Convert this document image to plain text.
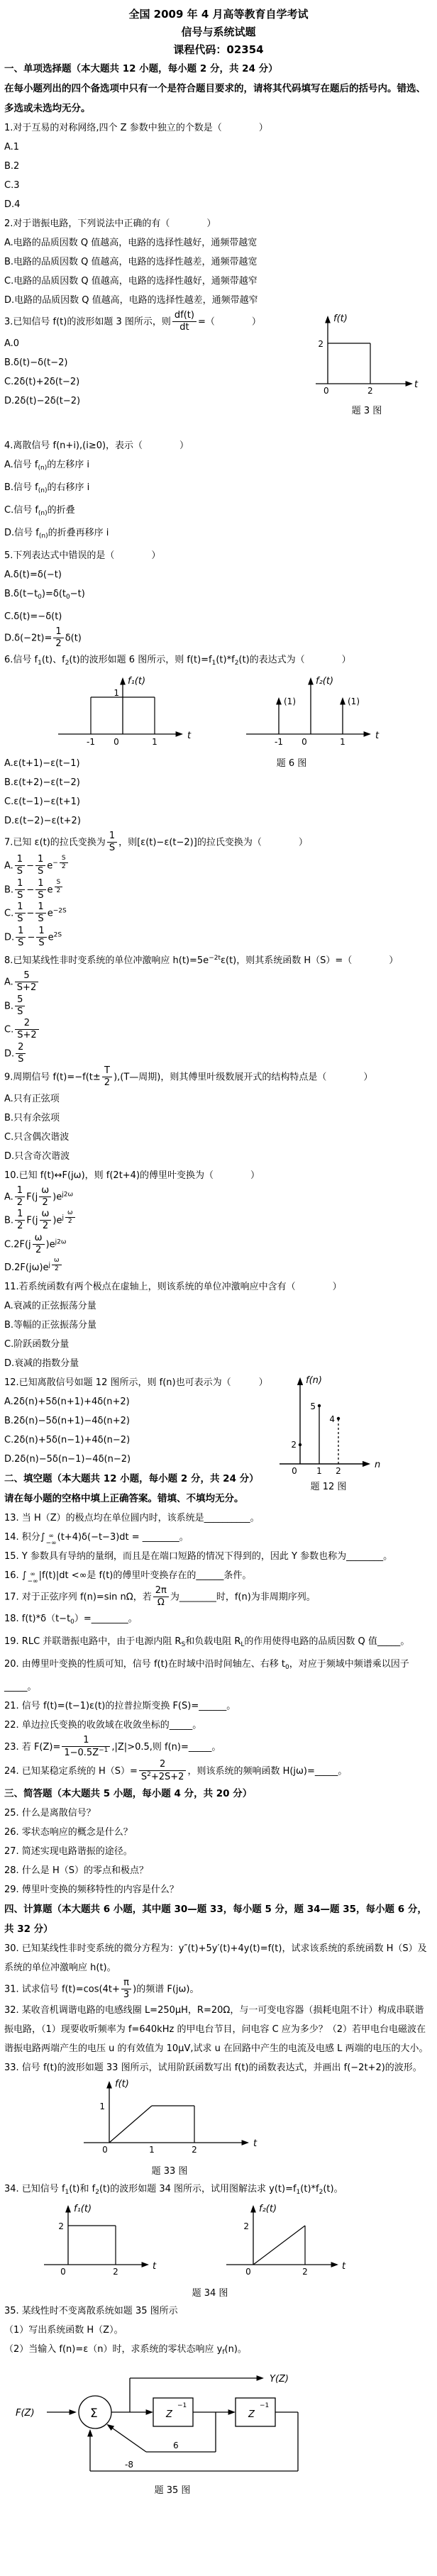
全国 2009 年 4 月高等教育自学考试
信号与系统试题
课程代码：02354
一、单项选择题（本大题共 12 小题，每小题 2 分，共 24 分）
在每小题列出的四个备选项中只有一个是符合题目要求的，请将其代码填写在题后的括号内。错选、多选或未选均无分。
1.对于互易的对称网络,四个 Z 参数中独立的个数是（　　　　）
A.1
B.2
C.3
D.4
2.对于谐振电路，下列说法中正确的有（　　　　）
A.电路的品质因数 Q 值越高，电路的选择性越好，通频带越宽
B.电路的品质因数 Q 值越高，电路的选择性越差，通频带越宽
C.电路的品质因数 Q 值越高，电路的选择性越好，通频带越窄
D.电路的品质因数 Q 值越高，电路的选择性越差，通频带越窄
3.已知信号 f(t)的波形如题 3 图所示，则 $\frac{df(t)}{dt}$ =（　　　　）
A.0
B.δ(t)−δ(t−2)
C.2δ(t)+2δ(t−2)
D.2δ(t)−2δ(t−2)
f(t)
2
0	2
t
题 3 图
4.离散信号 f(n+i),(i≥0)，表示（　　　　）
A.信号 $f_{(n)}$的左移序 i
B.信号 $f_{(n)}$的右移序 i
C.信号 $f_{(n)}$的折叠
D.信号 $f_{(n)}$的折叠再移序 i
5.下列表达式中错误的是（　　　　）
A.δ(t)=δ(−t)
$B.\delta(t-t_0)=\delta(t_0-t)$
C.δ(t)=−δ(t)
$D.\delta(-2t)= \frac{1}{2} \delta(t)$
6.信号 $f_1(t)$、$f_2(t)$的波形如题 6 图所示，则 $f(t)=f_1(t)*f_2(t)$的表达式为（　　　　）
f₁(t)
1
-1 0	1
t
f₂(t)
(1)	(1)
-1 0	1
t
A.ε(t+1)−ε(t−1)	题 6 图
B.ε(t+2)−ε(t−2)
C.ε(t−1)−ε(t+1)
D.ε(t−2)−ε(t+2)
7.已知 ε(t)的拉氏变换为 $\frac{1}{S}$ ，则[ε(t)−ε(t−2)]的拉氏变换为（　　　　）
A. $\frac{1}{S} - \frac{1}{S} e^{- \frac{S}{2}}$
B. $\frac{1}{S} - \frac{1}{S}$ e $^{\frac{S}{2}}$
C. $\frac{1}{S} - \frac{1}{S} e^{-2S}$
D. $\frac{1}{S} - \frac{1}{S} e^{2S}$
8.已知某线性非时变系统的单位冲激响应 $h(t)=5e^{-2t}\varepsilon(t)$，则其系统函数 H（S）=（　　　　）
A. $\frac{5}{S+2}$
B. $\frac{5}{S}$
C. $\frac{2}{S+2}$
D. $\frac{2}{S}$
9.周期信号 $f(t)=-f(t\pm \frac{T}{2}$ ),(T—周期)，则其傅里叶级数展开式的结构特点是（　　　　）
A.只有正弦项
B.只有余弦项
C.只含偶次谐波
D.只含奇次谐波
10.已知 f(t)↔F(jω)，则 f(2t+4)的傅里叶变换为（　　　　）
A. $\frac{1}{2} F(j \frac{\omega}{2} )e^{j2\omega}$
B. $\frac{1}{2} F(j \frac{\omega}{2} )e^{j \frac{\omega}{2}}$
$C.2F(j \frac{\omega}{2} )e^{j2\omega}$
$D.2F(j\omega)e^{j \frac{\omega}{2}}$
11.若系统函数有两个极点在虚轴上，则该系统的单位冲激响应中含有（　　　　）
A.衰减的正弦振荡分量
B.等幅的正弦振荡分量
C.阶跃函数分量
D.衰减的指数分量
12.已知离散信号如题 12 图所示，则 f(n)也可表示为（　　　）
A.2δ(n)+5δ(n+1)+4δ(n+2)
B.2δ(n)−5δ(n+1)−4δ(n+2)
C.2δ(n)+5δ(n−1)+4δ(n−2)
D.2δ(n)−5δ(n−1)−4δ(n−2)
f(n)
2
5
4
0 1 2
n
题 12 图
二、填空题（本大题共 12 小题，每小题 2 分，共 24 分）
请在每小题的空格中填上正确答案。错填、不填均无分。
13. 当 H（Z）的极点均在单位圆内时，该系统是__________。
14. 积分∫ ∞
−∞
(t+4)δ(−t−3)dt = ________。
15. Y 参数具有导纳的量纲，而且是在端口短路的情况下得到的，因此 Y 参数也称为________。
16. ∫ ∞
−∞
|f(t)|dt <∞是 f(t)的傅里叶变换存在的______条件。
17. 对于正弦序列 f(n)=sin nΩ，若 $\frac{2\pi}{\Omega}$ 为________时，f(n)为非周期序列。
18. $f(t)*\delta(t-t_0)=\_\_\_\_\_\_\_\_$。
19. RLC 并联谐振电路中，由于电源内阻 $R_S$和负载电阻 $R_L$的作用使得电路的品质因数 Q 值_____。
20. 由傅里叶变换的性质可知，信号 f(t)在时域中沿时间轴左、右移 $t_0$，对应于频域中频谱乘以因子_____。
21. 信号 f(t)=(t−1)ε(t)的拉普拉斯变换 F(S)=______。
22. 单边拉氏变换的收敛域在收敛坐标的_____。
23. 若 $F(Z)= \frac{1}{1-0.5Z^{-1}} ,|Z|>0.5$,则 f(n)=_____。
24. 已知某稳定系统的 $H(S)= \frac{2}{S^2+2S+2}$ ，则该系统的频响函数 H(jω)=_____。
三、简答题（本大题共 5 小题，每小题 4 分，共 20 分）
25. 什么是离散信号？
26. 零状态响应的概念是什么？
27. 简述实现电路谐振的途径。
28. 什么是 H（S）的零点和极点？
29. 傅里叶变换的频移特性的内容是什么？
四、计算题（本大题共 6 小题，其中题 30—题 33，每小题 5 分，题 34—题 35，每小题 6 分，共 32 分）
30. 已知某线性非时变系统的微分方程为：y″(t)+5y′(t)+4y(t)=f(t)，试求该系统的系统函数 H（S）及系统的单位冲激响应 h(t)。
31. 试求信号 $f(t)=\cos(4t+ \frac{\pi}{3}$ )的频谱 F(jω)。
32. 某收音机调谐电路的电感线圈 L=250μH，R=20Ω，与一可变电容器（损耗电阻不计）构成串联谐振电路，（1）现要收听频率为 f=640kHz 的甲电台节目，问电容 C 应为多少？（2）若甲电台电磁波在谐振电路两端产生的电压 u 的有效值为 10μV,试求 u 在回路中产生的电流及电感 L 两端的电压的大小。
33. 信号 f(t)的波形如题 33 图所示，试用阶跃函数写出 f(t)的函数表达式，并画出 f(−2t+2)的波形。
f(t)
1
0	1	2
t
题 33 图
34. 已知信号 $f_1(t)$和 $f_2(t)$的波形如题 34 图所示，试用图解法求 $y(t)=f_1(t)*f_2(t)$。
f₁(t)
2
0	2	t
f₂(t)
2
0	2	t
题 34 图
35. 某线性时不变离散系统如题 35 图所示
（1）写出系统函数 H（Z）。
（2）当输入 f(n)=ε（n）时，求系统的零状态响应 $y_f(n)$。
F(Z)	Σ
Y(Z)
Z
−1
6
Z
−1
-8
题 35 图
